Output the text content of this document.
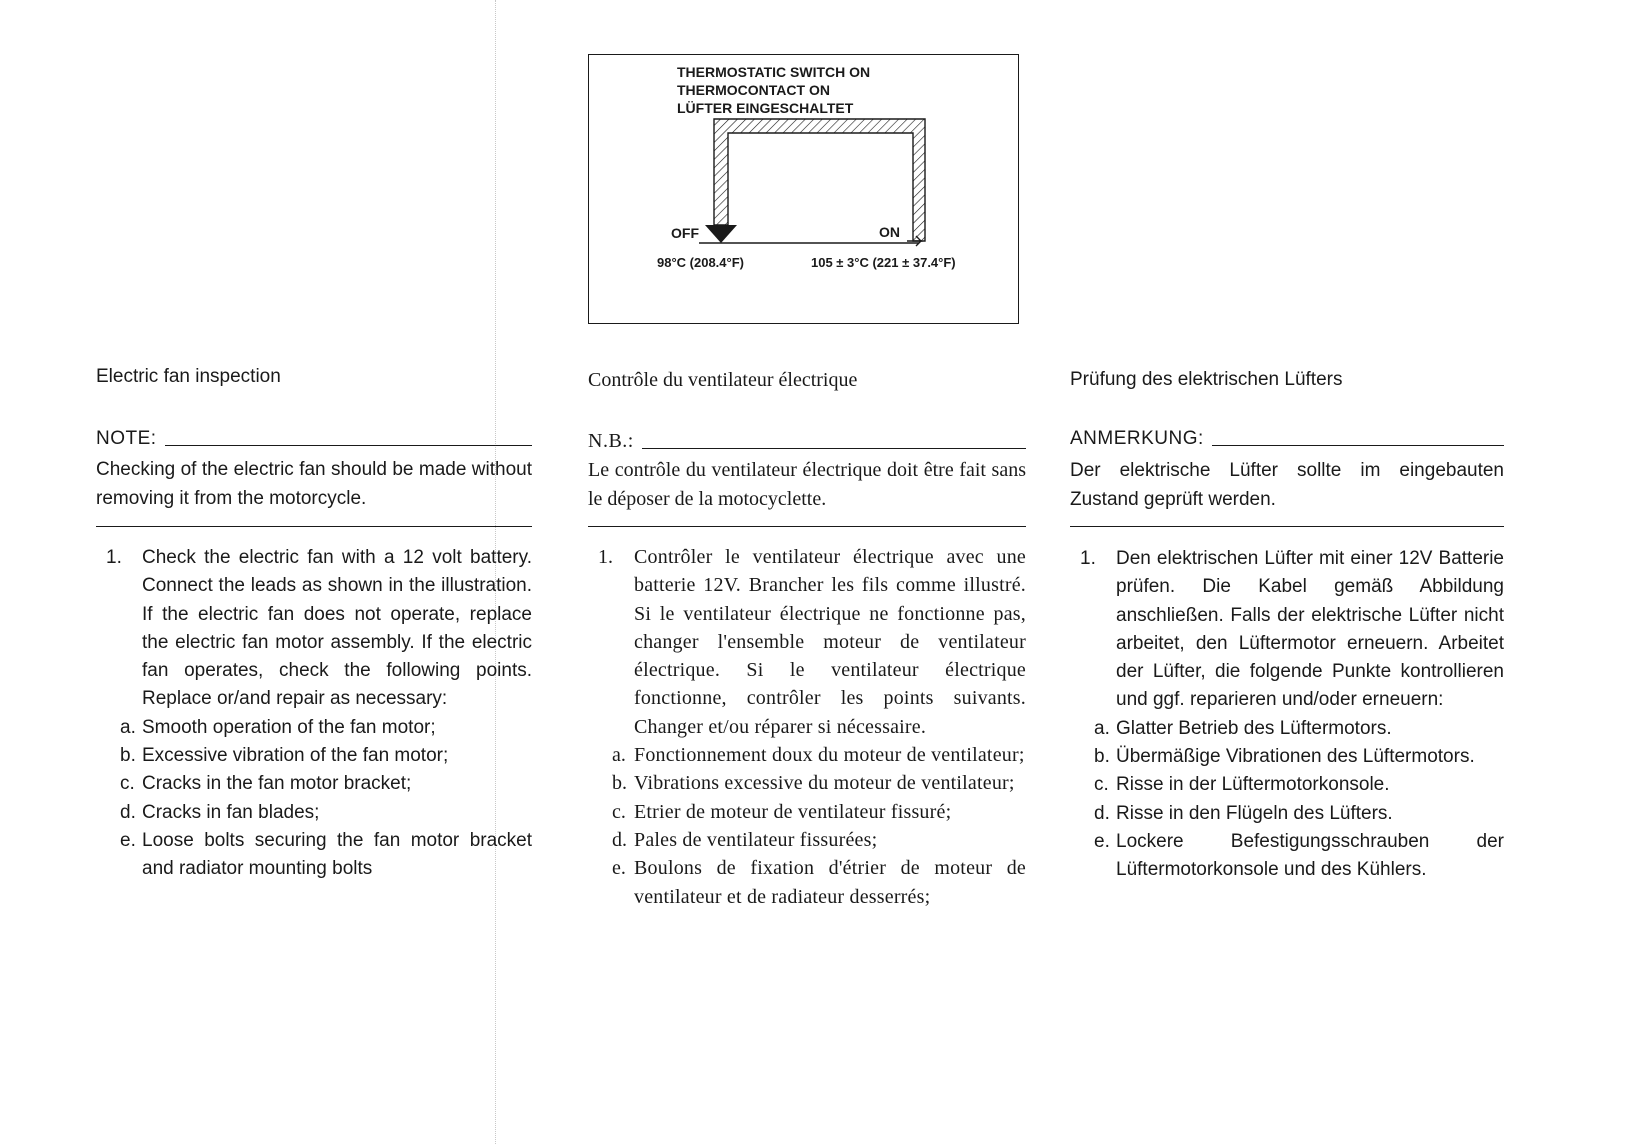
THERMOSTATIC SWITCH ON
THERMOCONTACT ON
LÜFTER EINGESCHALTET
OFF	ON
98°C (208.4°F)	105 ± 3°C (221 ± 37.4°F)
Electric fan inspection
NOTE:
Checking of the electric fan should be made without removing it from the motorcycle.
1. Check the electric fan with a 12 volt battery. Connect the leads as shown in the illustration. If the electric fan does not operate, replace the electric fan motor assembly. If the electric fan operates, check the following points. Replace or/and repair as necessary:
a. Smooth operation of the fan motor;
b. Excessive vibration of the fan motor;
c. Cracks in the fan motor bracket;
d. Cracks in fan blades;
e. Loose bolts securing the fan motor bracket and radiator mounting bolts
Contrôle du ventilateur électrique
N.B.:
Le contrôle du ventilateur électrique doit être fait sans le déposer de la motocyclette.
1. Contrôler le ventilateur électrique avec une batterie 12V. Brancher les fils comme illustré. Si le ventilateur électrique ne fonctionne pas, changer l'ensemble moteur de ventilateur électrique. Si le ventilateur électrique fonctionne, contrôler les points suivants. Changer et/ou réparer si nécessaire.
a. Fonctionnement doux du moteur de ventilateur;
b. Vibrations excessive du moteur de ventilateur;
c. Etrier de moteur de ventilateur fissuré;
d. Pales de ventilateur fissurées;
e. Boulons de fixation d'étrier de moteur de ventilateur et de radiateur desserrés;
Prüfung des elektrischen Lüfters
ANMERKUNG:
Der elektrische Lüfter sollte im eingebauten Zustand geprüft werden.
1. Den elektrischen Lüfter mit einer 12V Batterie prüfen. Die Kabel gemäß Abbildung anschließen. Falls der elektrische Lüfter nicht arbeitet, den Lüftermotor erneuern. Arbeitet der Lüfter, die folgende Punkte kontrollieren und ggf. reparieren und/oder erneuern:
a. Glatter Betrieb des Lüftermotors.
b. Übermäßige Vibrationen des Lüftermotors.
c. Risse in der Lüftermotorkonsole.
d. Risse in den Flügeln des Lüfters.
e. Lockere Befestigungsschrauben der Lüftermotorkonsole und des Kühlers.
